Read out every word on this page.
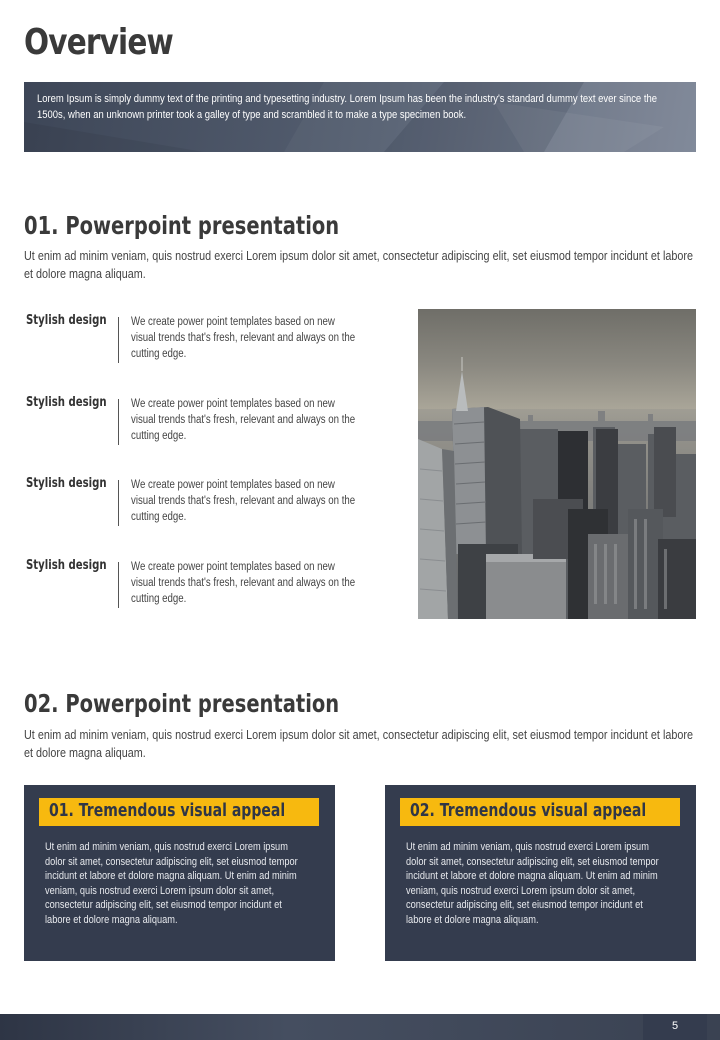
Overview

Lorem Ipsum is simply dummy text of the printing and typesetting industry. Lorem Ipsum has been the industry's standard dummy text ever since the 1500s, when an unknown printer took a galley of type and scrambled it to make a type specimen book.

01. Powerpoint presentation

Ut enim ad minim veniam, quis nostrud exerci Lorem ipsum dolor sit amet, consectetur adipiscing elit, set eiusmod tempor incidunt et labore et dolore magna aliquam.

Stylish design We create power point templates based on new visual trends that's fresh, relevant and always on the cutting edge.

Stylish design We create power point templates based on new visual trends that's fresh, relevant and always on the cutting edge.

Stylish design We create power point templates based on new visual trends that's fresh, relevant and always on the cutting edge.

Stylish design We create power point templates based on new visual trends that's fresh, relevant and always on the cutting edge.

02. Powerpoint presentation

Ut enim ad minim veniam, quis nostrud exerci Lorem ipsum dolor sit amet, consectetur adipiscing elit, set eiusmod tempor incidunt et labore et dolore magna aliquam.

01. Tremendous visual appeal

Ut enim ad minim veniam, quis nostrud exerci Lorem ipsum dolor sit amet, consectetur adipiscing elit, set eiusmod tempor incidunt et labore et dolore magna aliquam. Ut enim ad minim veniam, quis nostrud exerci Lorem ipsum dolor sit amet, consectetur adipiscing elit, set eiusmod tempor incidunt et labore et dolore magna aliquam.

02. Tremendous visual appeal

Ut enim ad minim veniam, quis nostrud exerci Lorem ipsum dolor sit amet, consectetur adipiscing elit, set eiusmod tempor incidunt et labore et dolore magna aliquam. Ut enim ad minim veniam, quis nostrud exerci Lorem ipsum dolor sit amet, consectetur adipiscing elit, set eiusmod tempor incidunt et labore et dolore magna aliquam.

5
